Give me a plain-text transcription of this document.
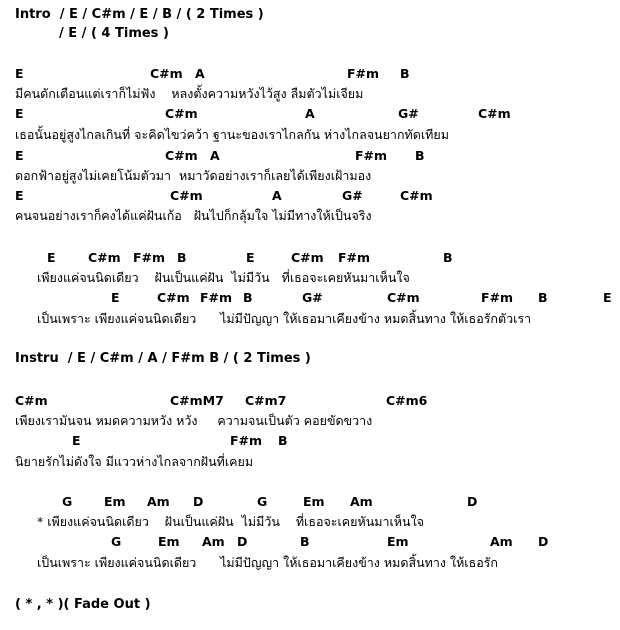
Intro  / E / C#m / E / B / ( 2 Times )
/ E / ( 4 Times )
E	C#m A	F#m B
มีคนดักเตือนแต่เราก็ไม่ฟัง    หลงตั้งความหวังไว้สูง ลืมตัวไม่เจียม
E	C#m	A	G#	C#m
เธอนั้นอยู่สูงไกลเกินที่ จะคิดไขว่คว้า ฐานะของเราไกลกัน ห่างไกลจนยากทัดเทียม
E	C#m A	F#m B
ดอกฟ้าอยู่สูงไม่เคยโน้มตัวมา  หมาวัดอย่างเราก็เลยได้เพียงเฝ้ามอง
E	C#m	A	G#	C#m
คนจนอย่างเราก็คงได้แค่ฝันเก้อ   ฝันไปก็กลุ้มใจ ไม่มีทางให้เป็นจริง
E	C#m F#m B	E	C#m F#m	B
เพียงแค่จนนิดเดียว    ฝันเป็นแค่ฝัน  ไม่มีวัน   ที่เธอจะเคยหันมาเห็นใจ
E	C#m F#m B	G#	C#m	F#m B	E
เป็นเพราะ เพียงแค่จนนิดเดียว      ไม่มีปัญญา ให้เธอมาเคียงข้าง หมดสิ้นทาง ให้เธอรักตัวเรา
Instru  / E / C#m / A / F#m B / ( 2 Times )
C#m	C#mM7 C#m7	C#m6
เพียงเรามันจน หมดความหวัง หวัง     ความจนเป็นตัว คอยขัดขวาง
E	F#m B
นิยายรักไม่ดังใจ มีแววห่างไกลจากฝันที่เคยม
G	Em Am D	G	Em Am	D
* เพียงแค่จนนิดเดียว    ฝันเป็นแค่ฝัน  ไม่มีวัน    ที่เธอจะเคยหันมาเห็นใจ
G	Em Am D	B	Em	Am D
เป็นเพราะ เพียงแค่จนนิดเดียว      ไม่มีปัญญา ให้เธอมาเคียงข้าง หมดสิ้นทาง ให้เธอรัก
( * , * )( Fade Out )
